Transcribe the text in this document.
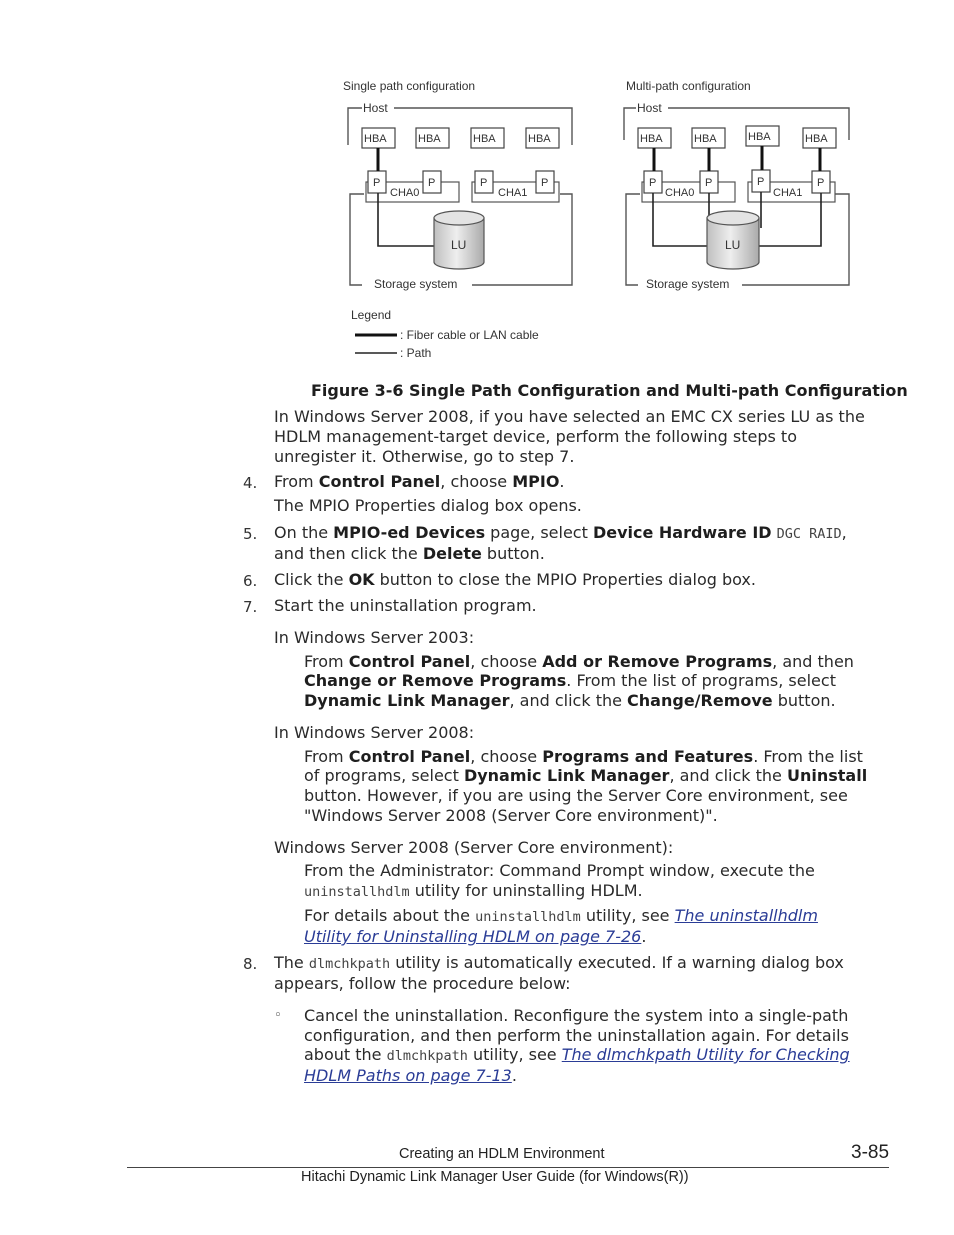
Single path configuration
Host
HBA	HBA	HBA	HBA
Storage system
CHA0	CHA1
P	P	P	P
LU
Multi-path configuration
Host
HBA	HBA	HBA	HBA
Storage system
CHA0	CHA1
P	P	P	P
LU
Legend
: Fiber cable or LAN cable
: Path
Figure 3-6 Single Path Configuration and Multi-path Configuration
In Windows Server 2008, if you have selected an EMC CX series LU as the
HDLM management-target device, perform the following steps to
unregister it. Otherwise, go to step 7.
4. From Control Panel, choose MPIO.
The MPIO Properties dialog box opens.
5. On the MPIO-ed Devices page, select Device Hardware ID DGC RAID,
and then click the Delete button.
6. Click the OK button to close the MPIO Properties dialog box.
7. Start the uninstallation program.
In Windows Server 2003:
From Control Panel, choose Add or Remove Programs, and then
Change or Remove Programs. From the list of programs, select
Dynamic Link Manager, and click the Change/Remove button.
In Windows Server 2008:
From Control Panel, choose Programs and Features. From the list
of programs, select Dynamic Link Manager, and click the Uninstall
button. However, if you are using the Server Core environment, see
"Windows Server 2008 (Server Core environment)".
Windows Server 2008 (Server Core environment):
From the Administrator: Command Prompt window, execute the
uninstallhdlm utility for uninstalling HDLM.
For details about the uninstallhdlm utility, see The uninstallhdlm
Utility for Uninstalling HDLM on page 7-26.
8. The dlmchkpath utility is automatically executed. If a warning dialog box
appears, follow the procedure below:
◦ Cancel the uninstallation. Reconfigure the system into a single-path
configuration, and then perform the uninstallation again. For details
about the dlmchkpath utility, see The dlmchkpath Utility for Checking
HDLM Paths on page 7-13.
Creating an HDLM Environment	3-85
Hitachi Dynamic Link Manager User Guide (for Windows(R))
